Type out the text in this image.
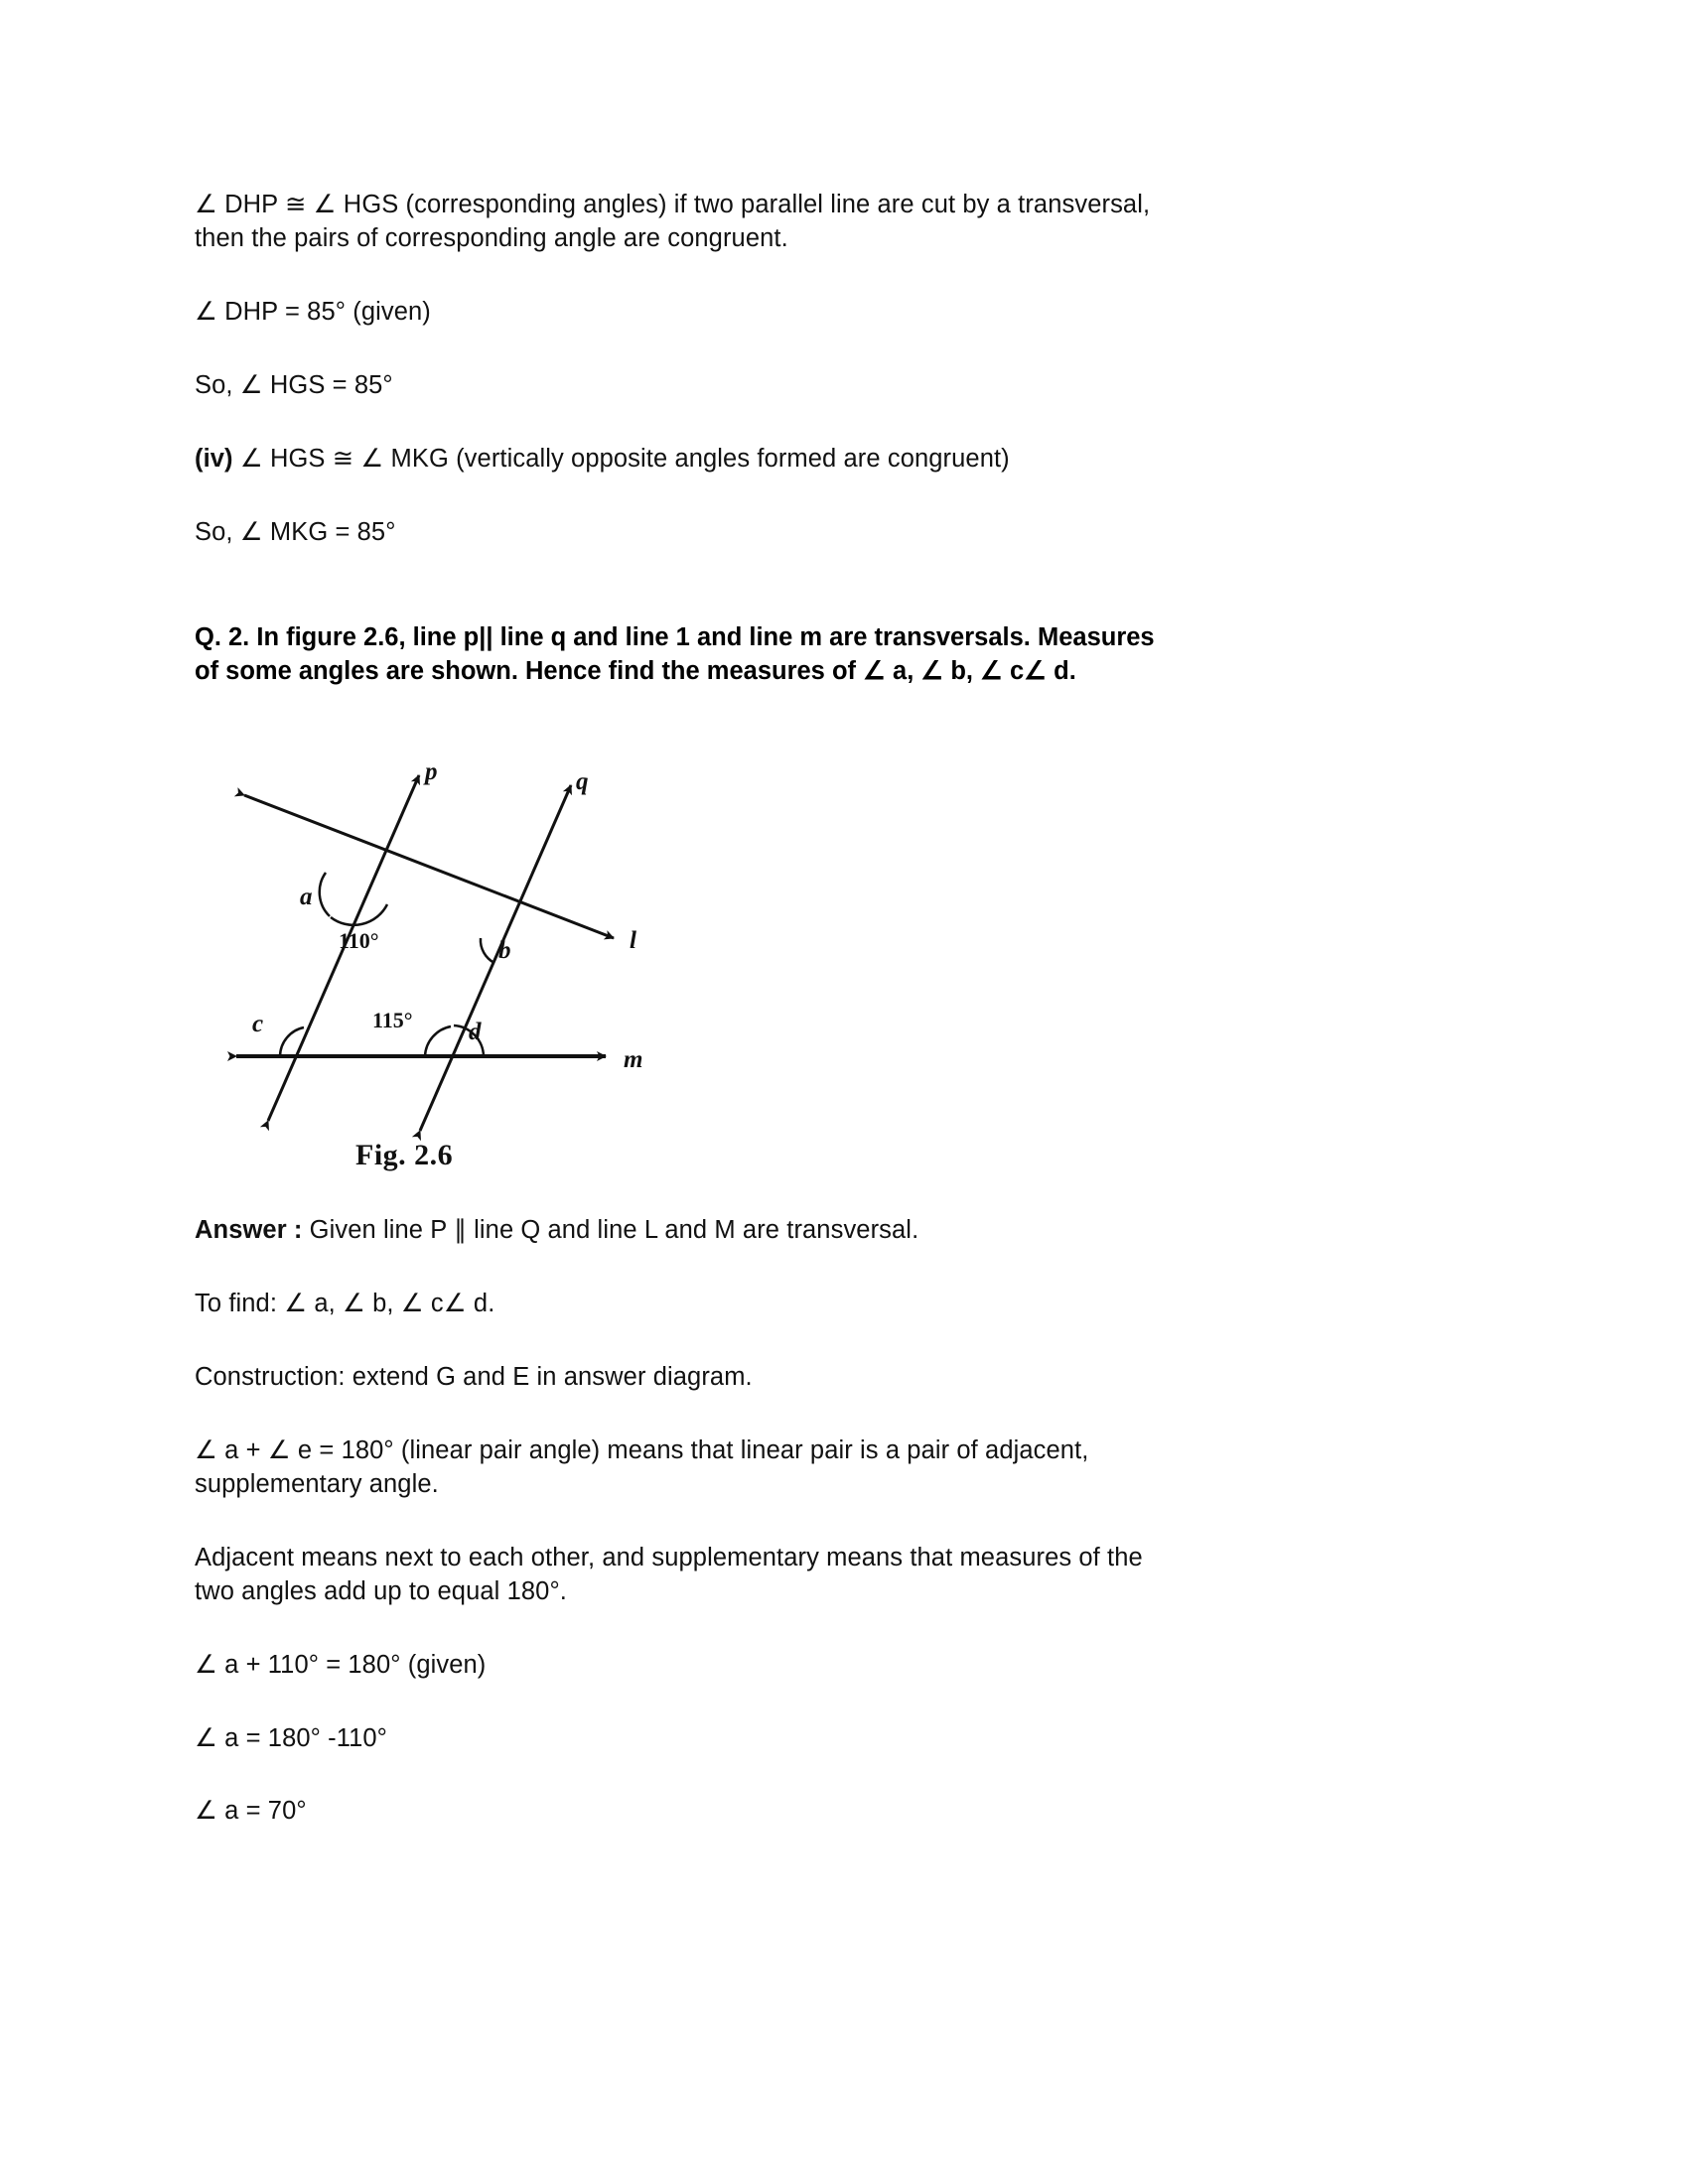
∠ DHP ≅ ∠ HGS (corresponding angles) if two parallel line are cut by a transversal,
then the pairs of corresponding angle are congruent.

∠ DHP = 85° (given)

So, ∠ HGS = 85°

(iv) ∠ HGS ≅ ∠ MKG (vertically opposite angles formed are congruent)

So, ∠ MKG = 85°

Q. 2. In figure 2.6, line p|| line q and line 1 and line m are transversals. Measures
of some angles are shown. Hence find the measures of ∠ a, ∠ b, ∠ c∠ d.

p	q
l
m
a
110°	b
c	115° d
Fig. 2.6

Answer : Given line P ∥ line Q and line L and M are transversal.

To find: ∠ a, ∠ b, ∠ c∠ d.

Construction: extend G and E in answer diagram.

∠ a + ∠ e = 180° (linear pair angle) means that linear pair is a pair of adjacent,
supplementary angle.

Adjacent means next to each other, and supplementary means that measures of the
two angles add up to equal 180°.

∠ a + 110° = 180° (given)

∠ a = 180° -110°

∠ a = 70°
